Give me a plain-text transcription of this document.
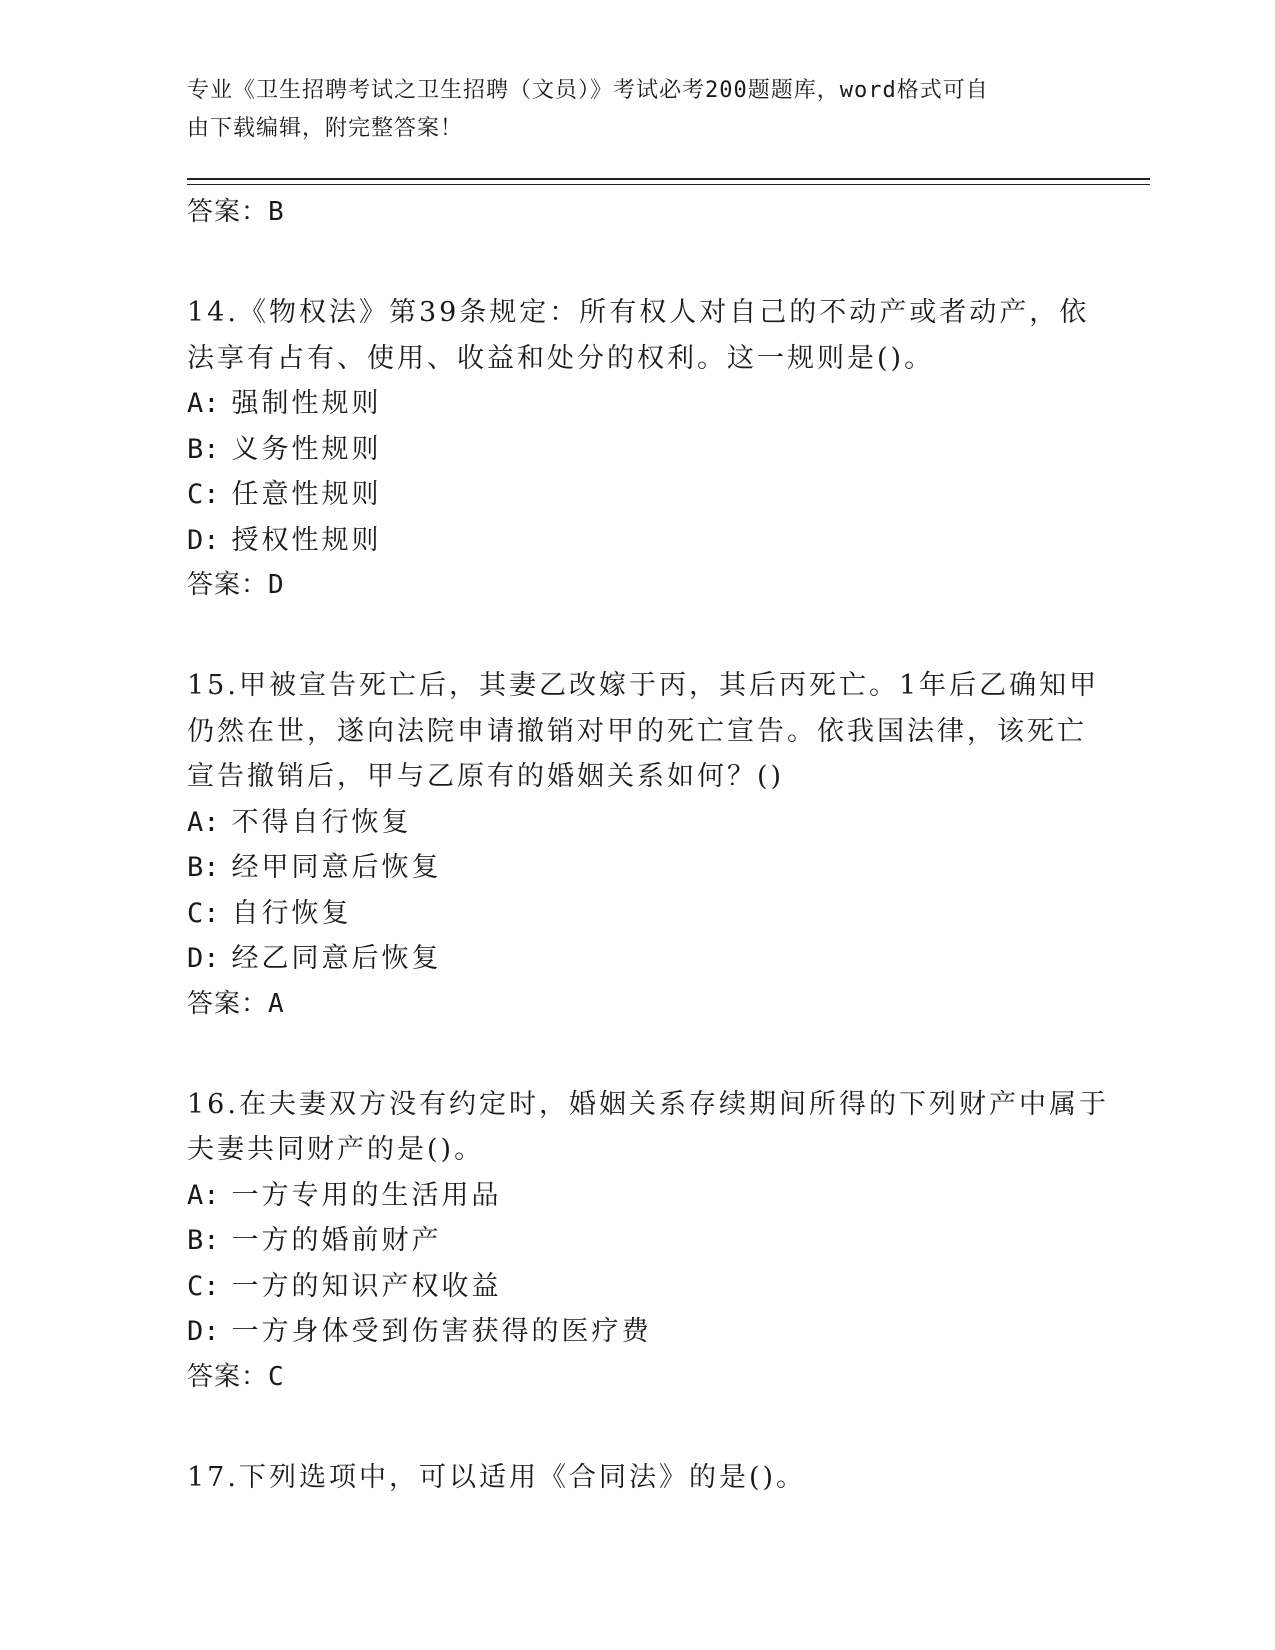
专业《卫生招聘考试之卫生招聘（文员）》考试必考200题题库，word格式可自
由下载编辑，附完整答案！
答案：B
14.《物权法》第39条规定：所有权人对自己的不动产或者动产，依
法享有占有、使用、收益和处分的权利。这一规则是()。
A: 强制性规则
B: 义务性规则
C: 任意性规则
D: 授权性规则
答案：D
15.甲被宣告死亡后，其妻乙改嫁于丙，其后丙死亡。1年后乙确知甲
仍然在世，遂向法院申请撤销对甲的死亡宣告。依我国法律，该死亡
宣告撤销后，甲与乙原有的婚姻关系如何？()
A: 不得自行恢复
B: 经甲同意后恢复
C: 自行恢复
D: 经乙同意后恢复
答案：A
16.在夫妻双方没有约定时，婚姻关系存续期间所得的下列财产中属于
夫妻共同财产的是()。
A: 一方专用的生活用品
B: 一方的婚前财产
C: 一方的知识产权收益
D: 一方身体受到伤害获得的医疗费
答案：C
17.下列选项中，可以适用《合同法》的是()。
